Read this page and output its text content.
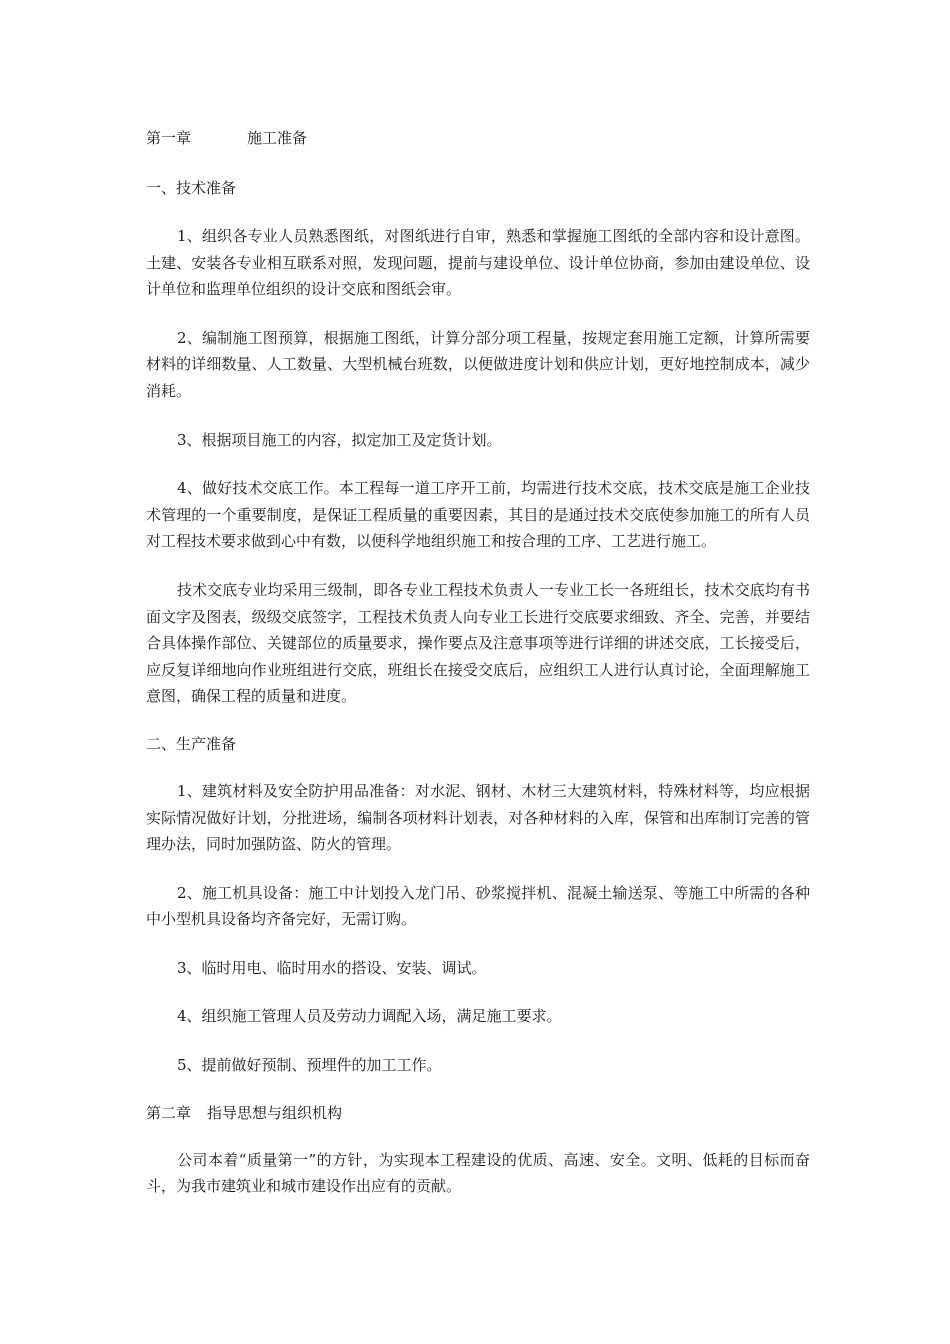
第一章	施工准备
一、技术准备

1、组织各专业人员熟悉图纸，对图纸进行自审，熟悉和掌握施工图纸的全部内容和设计意图。土建、安装各专业相互联系对照，发现问题，提前与建设单位、设计单位协商，参加由建设单位、设计单位和监理单位组织的设计交底和图纸会审。

2、编制施工图预算，根据施工图纸，计算分部分项工程量，按规定套用施工定额，计算所需要材料的详细数量、人工数量、大型机械台班数，以便做进度计划和供应计划，更好地控制成本，减少消耗。

3、根据项目施工的内容，拟定加工及定货计划。

4、做好技术交底工作。本工程每一道工序开工前，均需进行技术交底，技术交底是施工企业技术管理的一个重要制度，是保证工程质量的重要因素，其目的是通过技术交底使参加施工的所有人员对工程技术要求做到心中有数，以便科学地组织施工和按合理的工序、工艺进行施工。

技术交底专业均采用三级制，即各专业工程技术负责人一专业工长一各班组长，技术交底均有书面文字及图表，级级交底签字，工程技术负责人向专业工长进行交底要求细致、齐全、完善，并要结合具体操作部位、关键部位的质量要求，操作要点及注意事项等进行详细的讲述交底，工长接受后，应反复详细地向作业班组进行交底，班组长在接受交底后，应组织工人进行认真讨论，全面理解施工意图，确保工程的质量和进度。

二、生产准备

1、建筑材料及安全防护用品准备：对水泥、钢材、木材三大建筑材料，特殊材料等，均应根据实际情况做好计划，分批进场，编制各项材料计划表，对各种材料的入库，保管和出库制订完善的管理办法，同时加强防盗、防火的管理。

2、施工机具设备：施工中计划投入龙门吊、砂浆搅拌机、混凝土输送泵、等施工中所需的各种中小型机具设备均齐备完好，无需订购。

3、临时用电、临时用水的搭设、安装、调试。

4、组织施工管理人员及劳动力调配入场，满足施工要求。

5、提前做好预制、预埋件的加工工作。

第二章 指导思想与组织机构

公司本着“质量第一”的方针，为实现本工程建设的优质、高速、安全。文明、低耗的目标而奋斗，为我市建筑业和城市建设作出应有的贡献。
